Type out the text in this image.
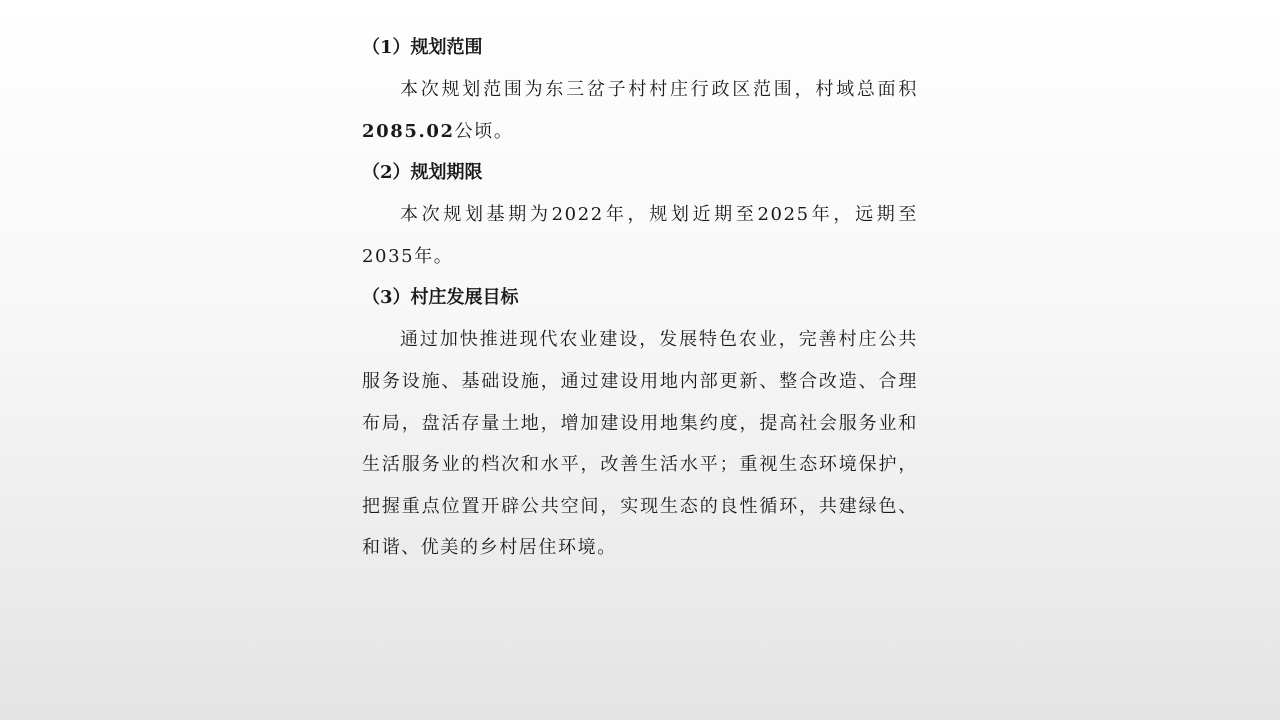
（1）规划范围

本次规划范围为东三岔子村村庄行政区范围，村域总面积2085.02公顷。

（2）规划期限

本次规划基期为2022年，规划近期至2025年，远期至2035年。

（3）村庄发展目标

通过加快推进现代农业建设，发展特色农业，完善村庄公共服务设施、基础设施，通过建设用地内部更新、整合改造、合理布局，盘活存量土地，增加建设用地集约度，提高社会服务业和生活服务业的档次和水平，改善生活水平；重视生态环境保护，把握重点位置开辟公共空间，实现生态的良性循环，共建绿色、和谐、优美的乡村居住环境。
